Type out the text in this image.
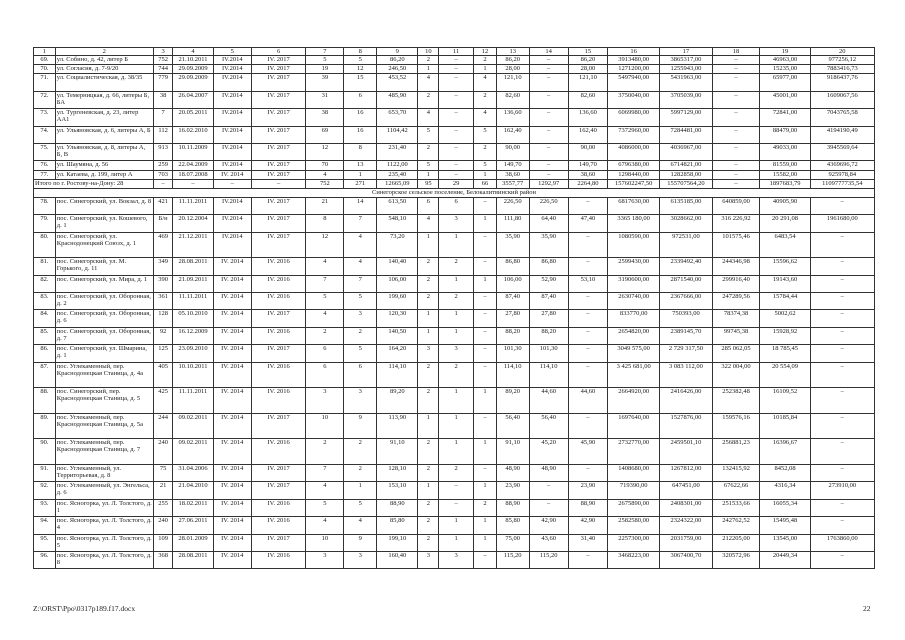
1	2	3	4	5	6	7	8	9	10	11	12	13	14	15	16	17	18	19	20
69.	ул. Собино, д. 42, литер Б	752	21.10.2011	IV.2014	IV. 2017	5	5	86,20	2	–	2	86,20	–	86,20	3913480,00	3865317,00	–	46963,00	977256,12
70.	ул. Согласия, д. 7-9/20	744	29.09.2009	IV.2014	IV. 2017	19	12	246,50	1	–	1	28,00	–	28,00	1271200,00	1255943,00	–	15235,00	7883416,73
71.	ул. Социалистическая, д. 38/35	779	29.09.2009	IV.2014	IV. 2017	39	15	453,52	4	–	4	121,10	–	121,10	5497940,00	5431963,00	–	65977,00	9186437,76
72.	ул. Темерницкая, д. 66, литеры Б, БА	38	26.04.2007	IV.2014	IV. 2017	31	6	485,90	2	–	2	82,60	–	82,60	3750040,00	3705039,00	–	45001,00	1609067,56
73.	ул. Тургеневская, д. 23, литер АА1	7	20.05.2011	IV.2014	IV. 2017	38	16	653,70	4	–	4	136,60	–	136,60	6069980,00	5997129,00	–	72841,00	7043765,58
74.	ул. Ульяновская, д. 6, литеры А, Б	112	16.02.2010	IV.2014	IV. 2017	69	16	1104,42	5	–	5	162,40	–	162,40	7372960,00	7284481,00	–	88479,00	4194190,49
75.	ул. Ульяновская, д. 8, литеры А, Б, В	913	10.11.2009	IV.2014	IV. 2017	12	8	231,40	2	–	2	90,00	–	90,00	4086000,00	4036967,00	–	49033,00	3945569,64
76.	ул. Шаумяна, д. 56	259	22.04.2009	IV.2014	IV. 2017	70	13	1122,00	5	–	5	149,70	–	149,70	6796380,00	6714821,00	–	81559,00	4369696,72
77.	ул. Катаева, д. 199, литер А	703	18.07.2008	IV. 2014	IV. 2017	4	1	235,40	1	–	1	38,60	–	38,60	1298440,00	1282858,00	–	15582,00	925978,84
Итого по г. Ростову-на-Дону: 28		–	–	–	–	752	271	12665,09	95	29	66	3557,77	1292,97	2264,80	157602247,50	155707564,20	–	1897683,79	1109777735,54
Синегорское сельское поселение, Белокалитвинский район																			
78.	пос. Синегорский, ул. Вокзал, д. 8	421	11.11.2011	IV.2014	IV. 2017	21	14	613,50	6	6	–	226,50	226,50	–	6817630,00	6135185,00	640859,00	40905,90	–
79.	пос. Синегорский, ул. Кошевого, д. 1	Б/н	20.12.2004	IV.2014	IV. 2017	8	7	548,10	4	3	1	111,80	64,40	47,40	3365 180,00	3028662,00	316 226,92	20 291,08	1961680,00
80.	пос. Синегорский, ул. Краснодонецкий Союзх, д. 1	469	21.12.2011	IV.2014	IV. 2017	12	4	73,20	1	1	–	35,90	35,90	–	1080590,00	972531,00	101575,46	6483,54	–
81.	пос. Синегорский, ул. М. Горького, д. 11	349	28.08.2011	IV. 2014	IV. 2016	4	4	140,40	2	2	–	86,80	86,80	–	2599430,00	2339492,40	244346,98	15596,62	–
82.	пос. Синегорский, ул. Мира, д. 1	390	21.09.2011	IV. 2014	IV. 2016	7	7	106,00	2	1	1	106,00	52,90	53,10	3190600,00	2871540,00	299916,40	19143,60	–
83.	пос. Синегорский, ул. Оборонная, д. 2	361	11.11.2011	IV. 2014	IV. 2016	5	5	199,60	2	2	–	87,40	87,40	–	2630740,00	2367666,00	247289,56	15784,44	–
84.	пос. Синегорский, ул. Оборонная, д. 6	128	05.10.2010	IV. 2014	IV. 2017	4	3	120,30	1	1	–	27,80	27,80	–	833770,00	750393,00	78374,38	5002,62	–
85.	пос. Синегорский, ул. Оборонная, д. 7	92	16.12.2009	IV. 2014	IV. 2016	2	2	140,50	1	1	–	88,20	88,20	–	2654820,00	2389145,70	99745,38	15928,92	–
86.	пос. Синегорский, ул. Шмарина, д. 1	125	23.09.2010	IV. 2014	IV. 2017	6	5	164,20	3	3	–	101,30	101,30	–	3049 575,00	2 729 317,50	285 062,05	18 785,45	–
87.	пос. Углекаменный, пер. Краснодонецкая Станица, д. 4а	405	10.10.2011	IV. 2014	IV. 2016	6	6	114,10	2	2	–	114,10	114,10	–	3 425 681,00	3 083 112,00	322 004,00	20 554,09	–
88.	пос. Синегорский, пер. Краснодонецкая Станица, д. 5	425	11.11.2011	IV. 2014	IV. 2016	3	3	89,20	2	1	1	89,20	44,60	44,60	2664920,00	2416426,00	252382,48	16109,52	–
89.	пос. Углекаменный, пер. Краснодонецкая Станица, д. 5а	244	09.02.2011	IV. 2014	IV. 2017	10	9	113,90	1	1	–	56,40	56,40	–	1697640,00	1527876,00	159576,16	10185,84	–
90.	пос. Углекаменный, пер. Краснодонецкая Станица, д. 7	240	09.02.2011	IV. 2014	IV. 2016	2	2	91,10	2	1	1	91,10	45,20	45,90	2732770,00	2459501,10	256881,23	16396,67	–
91.	пос. Углекаменный, ул. Территорьевая, д. 8	75	31.04.2006	IV. 2014	IV. 2017	7	2	128,10	2	2	–	48,90	48,90	–	1408680,00	1267812,00	132415,92	8452,08	–
92.	пос. Углекаменный, ул. Энгельса, д. 6	21	21.04.2010	IV. 2014	IV. 2017	4	1	153,10	1	–	1	23,90	–	23,90	719390,00	647451,00	67622,66	4316,34	273910,00
93.	пос. Ясногорка, ул. Л. Толстого, д. 1	255	18.02.2011	IV. 2014	IV. 2016	5	5	88,90	2	–	2	88,90	–	88,90	2675890,00	2408301,00	251533,66	16055,34	–
94.	пос. Ясногорка, ул. Л. Толстого, д. 4	240	27.06.2011	IV. 2014	IV. 2016	4	4	85,80	2	1	1	85,80	42,90	42,90	2582580,00	2324322,00	242762,52	15495,48	–
95.	пос. Ясногорка, ул. Л. Толстого, д. 5	109	28.01.2009	IV. 2014	IV. 2017	10	9	199,10	2	1	1	75,00	43,60	31,40	2257300,00	2031759,00	212205,00	13545,00	1763860,00
96.	пос. Ясногорка, ул. Л. Толстого, д. 8	368	28.08.2011	IV. 2014	IV. 2016	3	3	160,40	3	3	–	115,20	115,20	–	3468223,00	3067400,70	320572,96	20449,34	–
Z:\ORST\Ppo\0317p189.f17.docx	22
